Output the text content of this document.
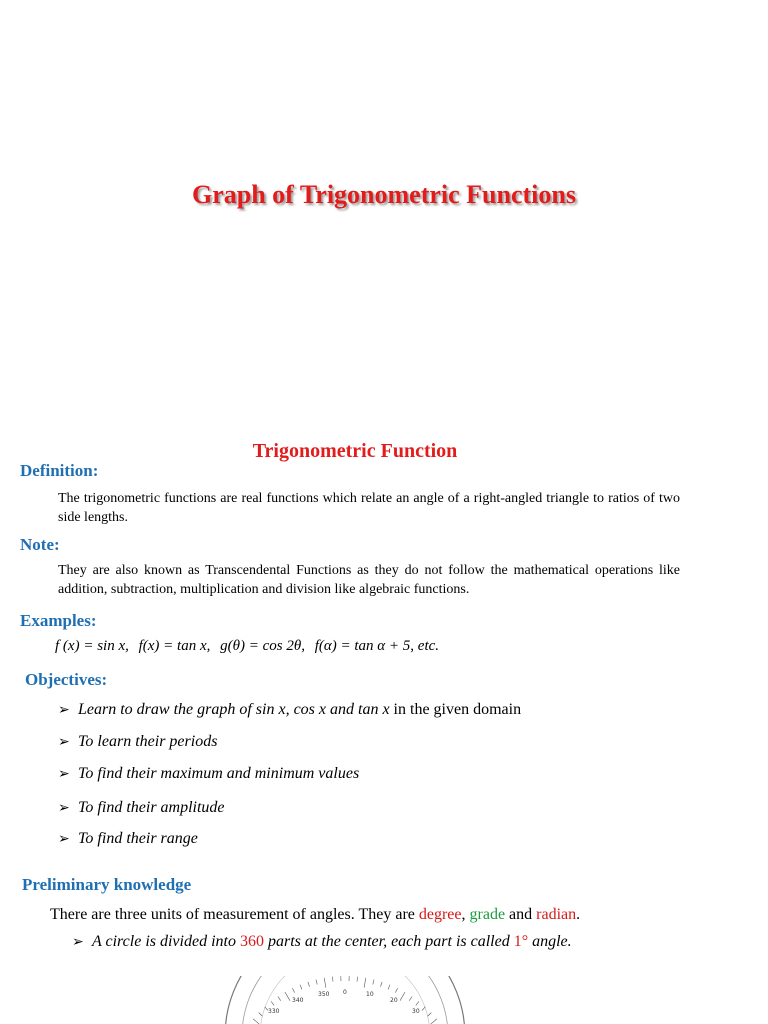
Graph of Trigonometric Functions
Trigonometric Function
Definition:

The trigonometric functions are real functions which relate an angle of a right-angled triangle to ratios of two side lengths.

Note:

They are also known as Transcendental Functions as they do not follow the mathematical operations like addition, subtraction, multiplication and division like algebraic functions.

Examples:
f (x) = sin x, f(x) = tan x, g(θ) = cos 2θ, f(α) = tan α + 5, etc.
Objectives:
➢ Learn to draw the graph of sin x, cos x and tan x in the given domain
➢ To learn their periods
➢ To find their maximum and minimum values
➢ To find their amplitude
➢ To find their range
Preliminary knowledge
There are three units of measurement of angles. They are degree, grade and radian.
➢ A circle is divided into 360 parts at the center, each part is called 1° angle.
350 0	10
340	20
330	30
